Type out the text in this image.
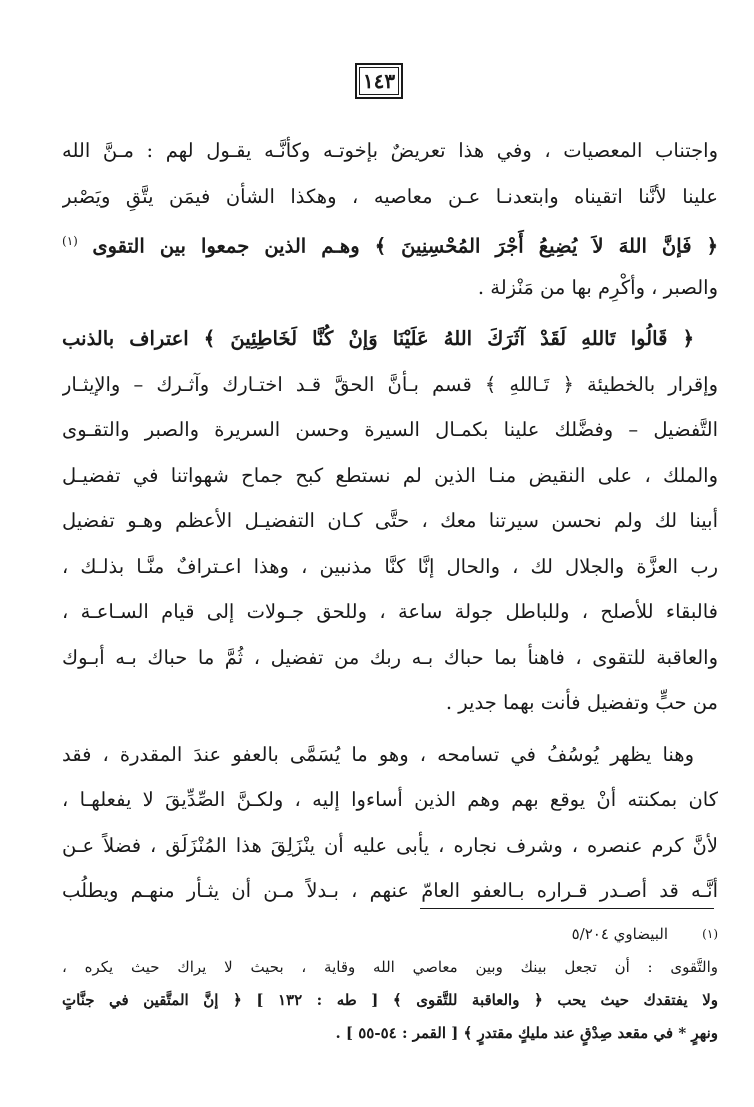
١٤٣
واجتناب المعصيات ، وفي هذا تعريضٌ بإخوتـه وكأنَّـه يقـول لهم : مـنَّ الله
علينا لأنَّنا اتقيناه وابتعدنـا عـن معاصيه ، وهكذا الشأن فيمَن يتَّقِ ويَصْبر
﴿ فَإنَّ اللهَ لاَ يُضِيعُ أَجْرَ المُحْسِنِينَ ﴾ وهـم الذين جمعوا بين التقوى $^{(١)}$
والصبر ، وأكْرِم بها من مَنْزلة .
﴿ قَالُوا تَاللهِ لَقَدْ آثَرَكَ اللهُ عَلَيْنَا وَإنْ كُنَّا لَخَاطِئِينَ ﴾ اعتراف بالذنب
وإقرار بالخطيئة ﴿ تَـاللهِ ﴾ قسم بـأنَّ الحقَّ قـد اختـارك وآثـرك – والإيثـار
التَّفضيل – وفضَّلك علينا بكمـال السيرة وحسن السريرة والصبر والتقـوى
والملك ، على النقيض منـا الذين لم نستطع كبح جماح شهواتنا في تفضيـل
أبينا لك ولم نحسن سيرتنا معك ، حتَّى كـان التفضيـل الأعظم وهـو تفضيل
رب العزَّة والجلال لك ، والحال إنَّا كنَّا مذنبين ، وهذا اعـترافٌ منَّـا بذلـك ،
فالبقاء للأصلح ، وللباطل جولة ساعة ، وللحق جـولات إلى قيام السـاعـة ،
والعاقبة للتقوى ، فاهنأ بما حباك بـه ربك من تفضيل ، ثُمَّ ما حباك بـه أبـوك
من حبٍّ وتفضيل فأنت بهما جدير .
وهنا يظهر يُوسُفُ في تسامحه ، وهو ما يُسَمَّى بالعفو عندَ المقدرة ، فقد
كان بمكنته أنْ يوقع بهم وهم الذين أساءوا إليه ، ولكـنَّ الصِّدِّيقَ لا يفعلهـا ،
لأنَّ كرم عنصره ، وشرف نجاره ، يأبى عليه أن ينْزَلِقَ هذا المُنْزَلَق ، فضلاً عـن
أنَّـه قد أصـدر قـراره بـالعفو العامّ عنهم ، بـدلاً مـن أن يثـأر منهـم ويطلُب
(١)البيضاوي ٥/٢٠٤
والتَّقوى : أن تجعل بينك وبين معاصي الله وقاية ، بحيث لا يراك حيث يكره ،
ولا يفتقدك حيث يحب ﴿ والعاقبة للتَّقوى ﴾ [ طه : ١٣٢ ] ﴿ إنَّ المتَّقين في جنَّاتٍ
ونهرٍ * في مقعد صِدْقٍ عند مليكٍ مقتدرٍ ﴾ [ القمر : ٥٤-٥٥ ] .
